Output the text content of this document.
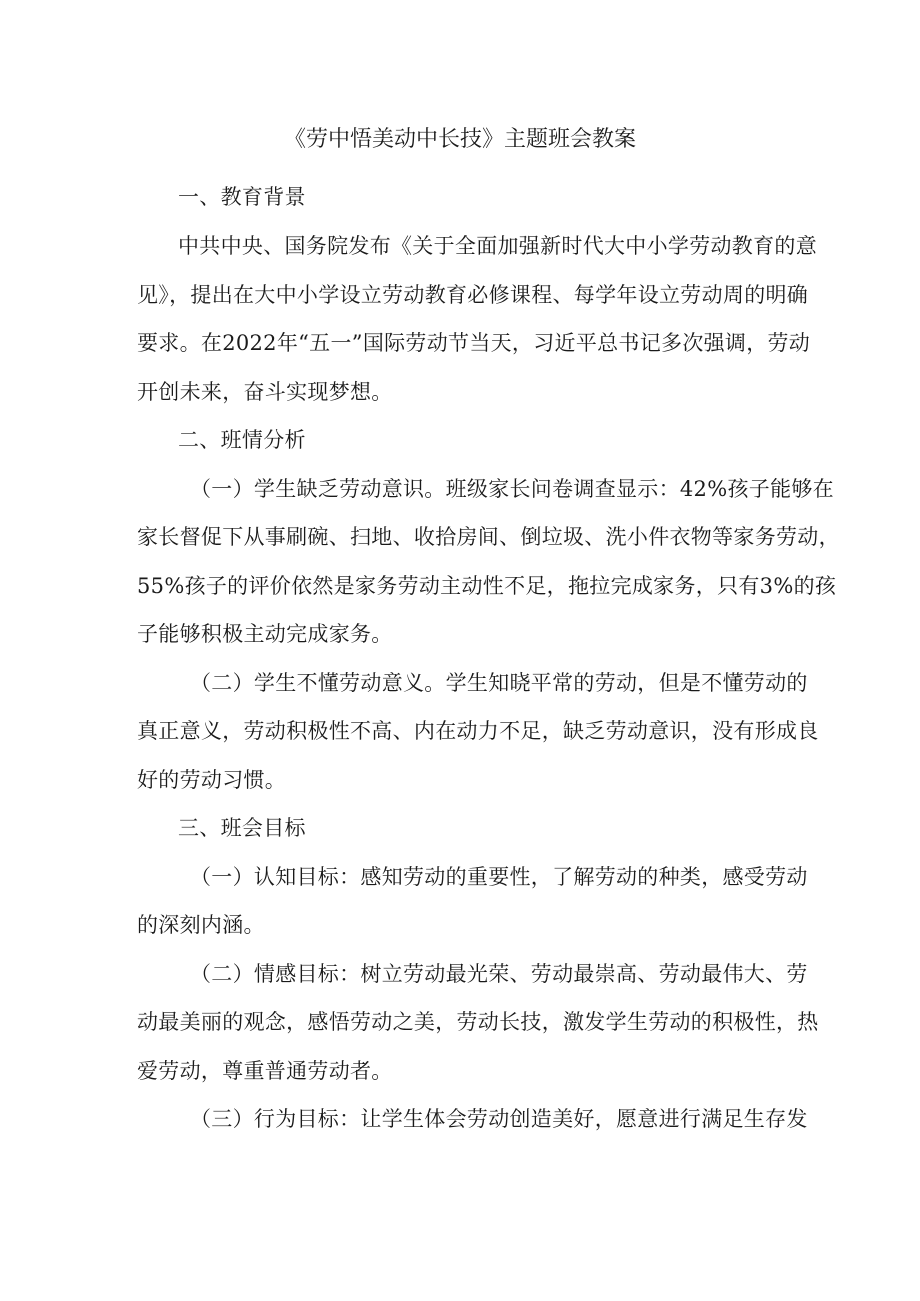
《劳中悟美动中长技》主题班会教案
一、教育背景
中共中央、国务院发布《关于全面加强新时代大中小学劳动教育的意
见》，提出在大中小学设立劳动教育必修课程、每学年设立劳动周的明确
要求。在2022年“五一”国际劳动节当天，习近平总书记多次强调，劳动
开创未来，奋斗实现梦想。
二、班情分析
（一）学生缺乏劳动意识。班级家长问卷调查显示：42%孩子能够在
家长督促下从事刷碗、扫地、收拾房间、倒垃圾、洗小件衣物等家务劳动，
55%孩子的评价依然是家务劳动主动性不足，拖拉完成家务，只有3%的孩
子能够积极主动完成家务。
（二）学生不懂劳动意义。学生知晓平常的劳动，但是不懂劳动的
真正意义，劳动积极性不高、内在动力不足，缺乏劳动意识，没有形成良
好的劳动习惯。
三、班会目标
（一）认知目标：感知劳动的重要性，了解劳动的种类，感受劳动
的深刻内涵。
（二）情感目标：树立劳动最光荣、劳动最崇高、劳动最伟大、劳
动最美丽的观念，感悟劳动之美，劳动长技，激发学生劳动的积极性，热
爱劳动，尊重普通劳动者。
（三）行为目标：让学生体会劳动创造美好，愿意进行满足生存发
